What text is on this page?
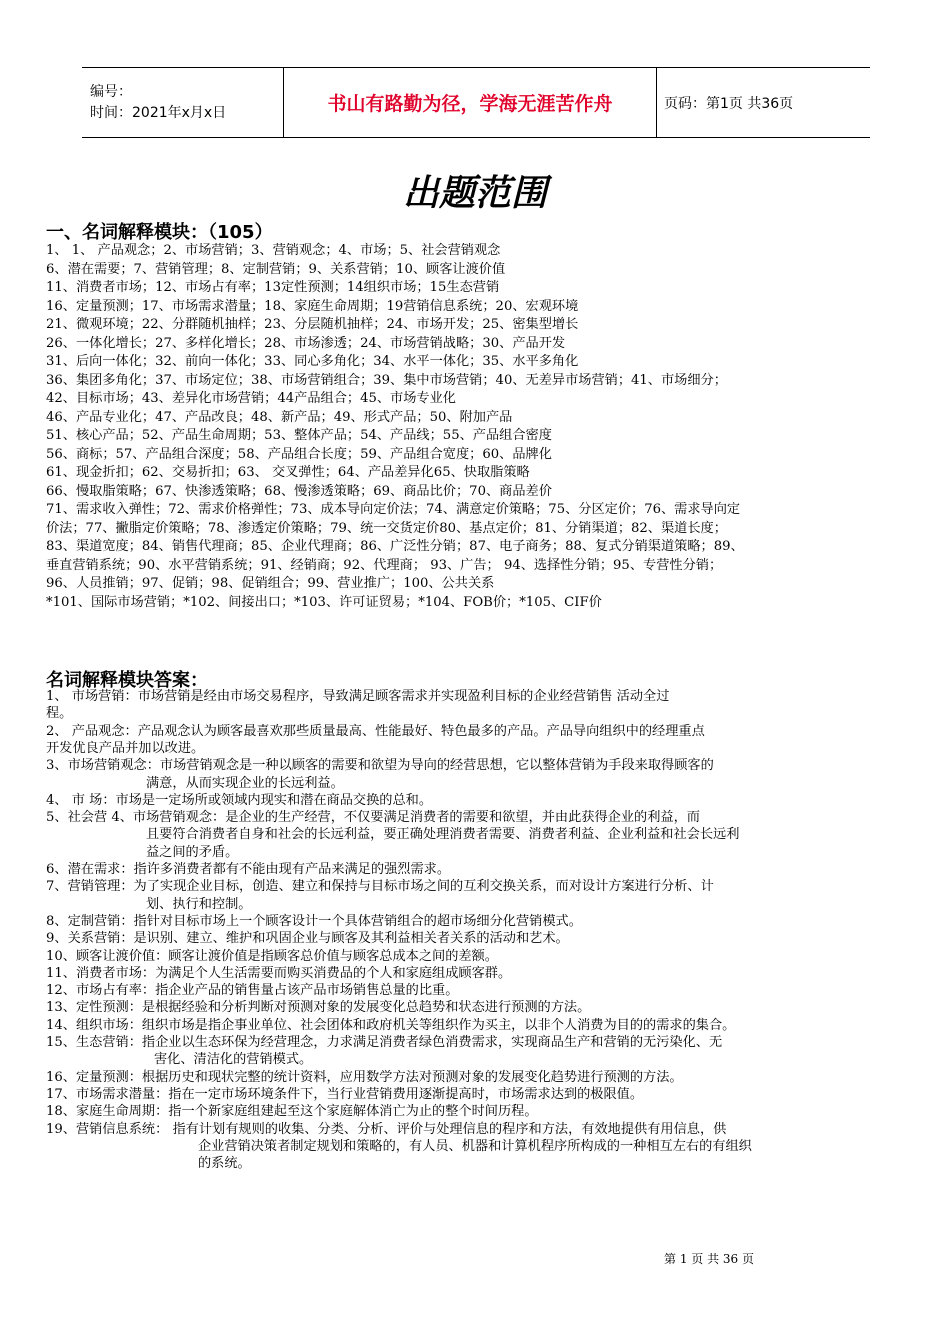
编号：
时间：2021年x月x日	书山有路勤为径，学海无涯苦作舟	页码：第1页 共36页
出题范围
一、名词解释模块：（105）
1、 1、 产品观念；2、市场营销；3、营销观念；4、市场；5、社会营销观念
6、潜在需要；7、营销管理；8、定制营销；9、关系营销；10、顾客让渡价值
11、消费者市场；12、市场占有率；13定性预测；14组织市场；15生态营销
16、定量预测；17、市场需求潜量；18、家庭生命周期；19营销信息系统；20、宏观环境
21、微观环境；22、分群随机抽样；23、分层随机抽样；24、市场开发；25、密集型增长
26、一体化增长；27、多样化增长；28、市场渗透；24、市场营销战略；30、产品开发
31、后向一体化；32、前向一体化；33、同心多角化；34、水平一体化；35、水平多角化
36、集团多角化；37、市场定位；38、市场营销组合；39、集中市场营销；40、无差异市场营销；41、市场细分；
42、目标市场；43、差异化市场营销；44产品组合；45、市场专业化
46、产品专业化；47、产品改良；48、新产品；49、形式产品；50、附加产品
51、核心产品；52、产品生命周期；53、整体产品；54、产品线；55、产品组合密度
56、商标；57、产品组合深度；58、产品组合长度；59、产品组合宽度；60、品牌化
61、现金折扣；62、交易折扣；63、 交叉弹性；64、产品差异化65、快取脂策略
66、慢取脂策略；67、快渗透策略；68、慢渗透策略；69、商品比价；70、商品差价
71、需求收入弹性；72、需求价格弹性；73、成本导向定价法；74、满意定价策略；75、分区定价；76、需求导向定
价法；77、撇脂定价策略；78、渗透定价策略；79、统一交货定价80、基点定价；81、分销渠道；82、渠道长度；
83、渠道宽度；84、销售代理商；85、企业代理商；86、广泛性分销；87、电子商务；88、复式分销渠道策略；89、
垂直营销系统；90、水平营销系统；91、经销商；92、代理商； 93、广告； 94、选择性分销；95、专营性分销；
96、人员推销；97、促销；98、促销组合；99、营业推广；100、公共关系
*101、国际市场营销；*102、间接出口；*103、许可证贸易；*104、FOB价；*105、CIF价
名词解释模块答案：
1、 市场营销：市场营销是经由市场交易程序，导致满足顾客需求并实现盈利目标的企业经营销售 活动全过
程。
2、 产品观念：产品观念认为顾客最喜欢那些质量最高、性能最好、特色最多的产品。产品导向组织中的经理重点
开发优良产品并加以改进。
3、市场营销观念：市场营销观念是一种以顾客的需要和欲望为导向的经营思想，它以整体营销为手段来取得顾客的
满意，从而实现企业的长远利益。
4、 市 场：市场是一定场所或领域内现实和潜在商品交换的总和。
5、社会营 4、市场营销观念：是企业的生产经营，不仅要满足消费者的需要和欲望，并由此获得企业的利益，而
且要符合消费者自身和社会的长远利益，要正确处理消费者需要、消费者利益、企业利益和社会长远利
益之间的矛盾。
6、潜在需求：指许多消费者都有不能由现有产品来满足的强烈需求。
7、营销管理：为了实现企业目标，创造、建立和保持与目标市场之间的互利交换关系，而对设计方案进行分析、计
划、执行和控制。
8、定制营销：指针对目标市场上一个顾客设计一个具体营销组合的超市场细分化营销模式。
9、关系营销：是识别、建立、维护和巩固企业与顾客及其利益相关者关系的活动和艺术。
10、顾客让渡价值：顾客让渡价值是指顾客总价值与顾客总成本之间的差额。
11、消费者市场：为满足个人生活需要而购买消费品的个人和家庭组成顾客群。
12、市场占有率：指企业产品的销售量占该产品市场销售总量的比重。
13、定性预测：是根据经验和分析判断对预测对象的发展变化总趋势和状态进行预测的方法。
14、组织市场：组织市场是指企事业单位、社会团体和政府机关等组织作为买主，以非个人消费为目的的需求的集合。
15、生态营销：指企业以生态环保为经营理念，力求满足消费者绿色消费需求，实现商品生产和营销的无污染化、无
害化、清洁化的营销模式。
16、定量预测：根据历史和现状完整的统计资料，应用数学方法对预测对象的发展变化趋势进行预测的方法。
17、市场需求潜量：指在一定市场环境条件下，当行业营销费用逐渐提高时，市场需求达到的极限值。
18、家庭生命周期：指一个新家庭组建起至这个家庭解体消亡为止的整个时间历程。
19、营销信息系统： 指有计划有规则的收集、分类、分析、评价与处理信息的程序和方法，有效地提供有用信息，供
企业营销决策者制定规划和策略的，有人员、机器和计算机程序所构成的一种相互左右的有组织
的系统。
第 1 页 共 36 页
